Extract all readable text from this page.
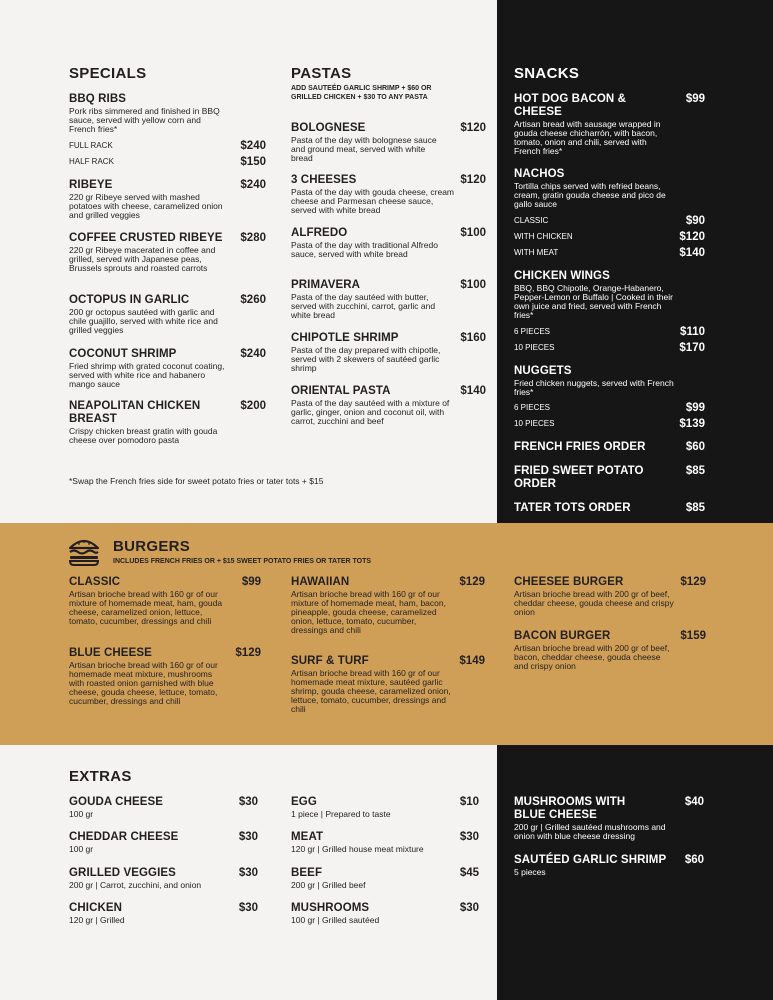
SPECIALS
BBQ RIBS
Pork ribs simmered and finished in BBQ sauce, served with yellow corn and French fries*
FULL RACK	$240
HALF RACK	$150
RIBEYE	$240
220 gr Ribeye served with mashed potatoes with cheese, caramelized onion and grilled veggies
COFFEE CRUSTED RIBEYE	$280
220 gr Ribeye macerated in coffee and grilled, served with Japanese peas, Brussels sprouts and roasted carrots
OCTOPUS IN GARLIC	$260
200 gr octopus sautéed with garlic and chile guajillo, served with white rice and grilled veggies
COCONUT SHRIMP	$240
Fried shrimp with grated coconut coating, served with white rice and habanero mango sauce
NEAPOLITAN CHICKEN BREAST
$200
Crispy chicken breast gratin with gouda cheese over pomodoro pasta
*Swap the French fries side for sweet potato fries or tater tots + $15
PASTAS
ADD SAUTEÉD GARLIC SHRIMP + $60 OR GRILLED CHICKEN + $30 TO ANY PASTA
BOLOGNESE	$120
Pasta of the day with bolognese sauce and ground meat, served with white bread
3 CHEESES	$120
Pasta of the day with gouda cheese, cream cheese and Parmesan cheese sauce, served with white bread
ALFREDO	$100
Pasta of the day with traditional Alfredo sauce, served with white bread
PRIMAVERA	$100
Pasta of the day sautéed with butter, served with zucchini, carrot, garlic and white bread
CHIPOTLE SHRIMP	$160
Pasta of the day prepared with chipotle, served with 2 skewers of sautéed garlic shrimp
ORIENTAL PASTA	$140
Pasta of the day sautéed with a mixture of garlic, ginger, onion and coconut oil, with carrot, zucchini and beef
SNACKS
HOT DOG BACON & CHEESE
$99
Artisan bread with sausage wrapped in gouda cheese chicharrón, with bacon, tomato, onion and chili, served with French fries*
NACHOS
Tortilla chips served with refried beans, cream, gratin gouda cheese and pico de gallo sauce
CLASSIC	$90
WITH CHICKEN	$120
WITH MEAT	$140
CHICKEN WINGS
BBQ, BBQ Chipotle, Orange-Habanero, Pepper-Lemon or Buffalo | Cooked in their own juice and fried, served with French fries*
6 PIECES	$110
10 PIECES	$170
NUGGETS
Fried chicken nuggets, served with French fries*
6 PIECES	$99
10 PIECES	$139
FRENCH FRIES ORDER	$60
FRIED SWEET POTATO ORDER
$85
TATER TOTS ORDER	$85
BURGERS
INCLUDES FRENCH FRIES OR + $15 SWEET POTATO FRIES OR TATER TOTS
CLASSIC	$99
Artisan brioche bread with 160 gr of our mixture of homemade meat, ham, gouda cheese, caramelized onion, lettuce, tomato, cucumber, dressings and chili
BLUE CHEESE	$129
Artisan brioche bread with 160 gr of our homemade meat mixture, mushrooms with roasted onion garnished with blue cheese, gouda cheese, lettuce, tomato, cucumber, dressings and chili
HAWAIIAN	$129
Artisan brioche bread with 160 gr of our mixture of homemade meat, ham, bacon, pineapple, gouda cheese, caramelized onion, lettuce, tomato, cucumber, dressings and chili
SURF & TURF	$149
Artisan brioche bread with 160 gr of our homemade meat mixture, sautéed garlic shrimp, gouda cheese, caramelized onion, lettuce, tomato, cucumber, dressings and chili
CHEESEE BURGER	$129
Artisan brioche bread with 200 gr of beef, cheddar cheese, gouda cheese and crispy onion
BACON BURGER	$159
Artisan brioche bread with 200 gr of beef, bacon, cheddar cheese, gouda cheese and crispy onion
EXTRAS
GOUDA CHEESE	$30
100 gr
CHEDDAR CHEESE	$30
100 gr
GRILLED VEGGIES	$30
200 gr | Carrot, zucchini, and onion
CHICKEN	$30
120 gr | Grilled
EGG	$10
1 piece | Prepared to taste
MEAT	$30
120 gr | Grilled house meat mixture
BEEF	$45
200 gr | Grilled beef
MUSHROOMS	$30
100 gr | Grilled sautéed
MUSHROOMS WITH BLUE CHEESE
$40
200 gr | Grilled sautéed mushrooms and onion with blue cheese dressing
SAUTÉED GARLIC SHRIMP	$60
5 pieces
